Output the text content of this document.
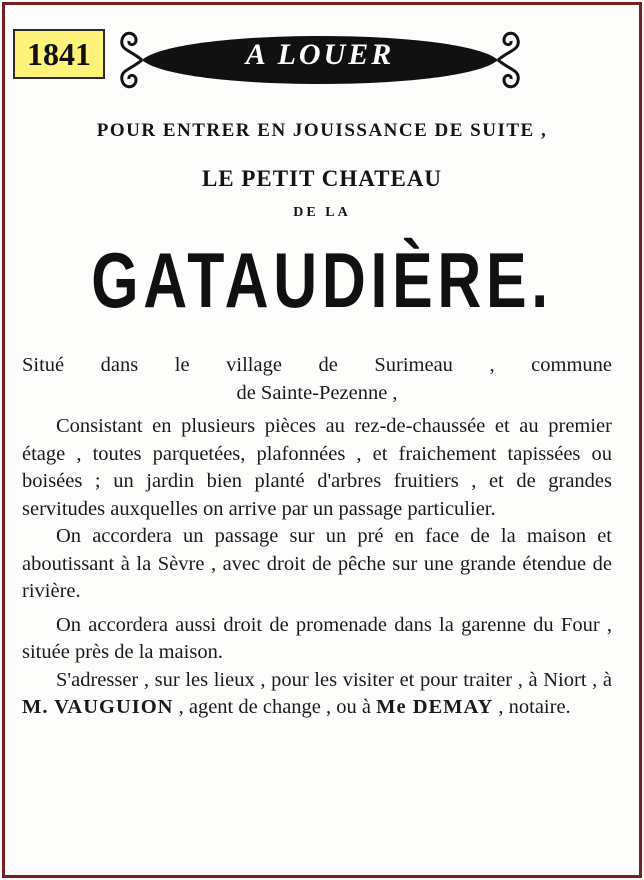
1841	A LOUER
POUR ENTRER EN JOUISSANCE DE SUITE ,
LE PETIT CHATEAU
DE LA
GATAUDIÈRE.

Situé dans le village de Surimeau , commune
de Sainte-Pezenne ,

Consistant en plusieurs pièces au rez-de-chaussée et au premier étage , toutes parquetées, plafonnées , et fraichement tapissées ou boisées ; un jardin bien planté d'arbres fruitiers , et de grandes servitudes auxquelles on arrive par un passage particulier.

On accordera un passage sur un pré en face de la maison et aboutissant à la Sèvre , avec droit de pêche sur une grande étendue de rivière.

On accordera aussi droit de promenade dans la garenne du Four , située près de la maison.

S'adresser , sur les lieux , pour les visiter et pour traiter , à Niort , à M. VAUGUION , agent de change , ou à Me DEMAY , notaire.
